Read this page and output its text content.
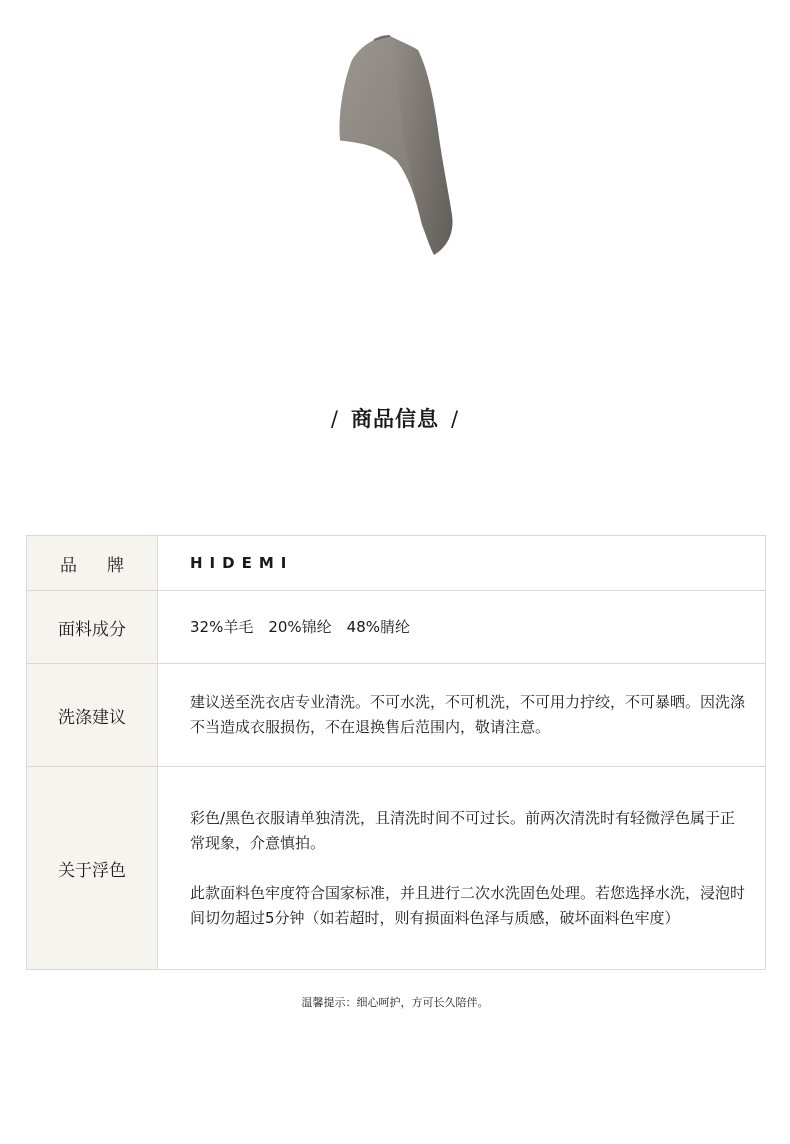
/ 商品信息 /
品牌	HIDEMI
面料成分	32%羊毛　20%锦纶　48%腈纶
洗涤建议	建议送至洗衣店专业清洗。不可水洗，不可机洗，不可用力拧绞，不可暴晒。因洗涤不当造成衣服损伤，不在退换售后范围内，敬请注意。
关于浮色	彩色/黑色衣服请单独清洗，且清洗时间不可过长。前两次清洗时有轻微浮色属于正常现象，介意慎拍。

此款面料色牢度符合国家标准，并且进行二次水洗固色处理。若您选择水洗，浸泡时间切勿超过5分钟（如若超时，则有损面料色泽与质感，破坏面料色牢度）

温馨提示：细心呵护，方可长久陪伴。
